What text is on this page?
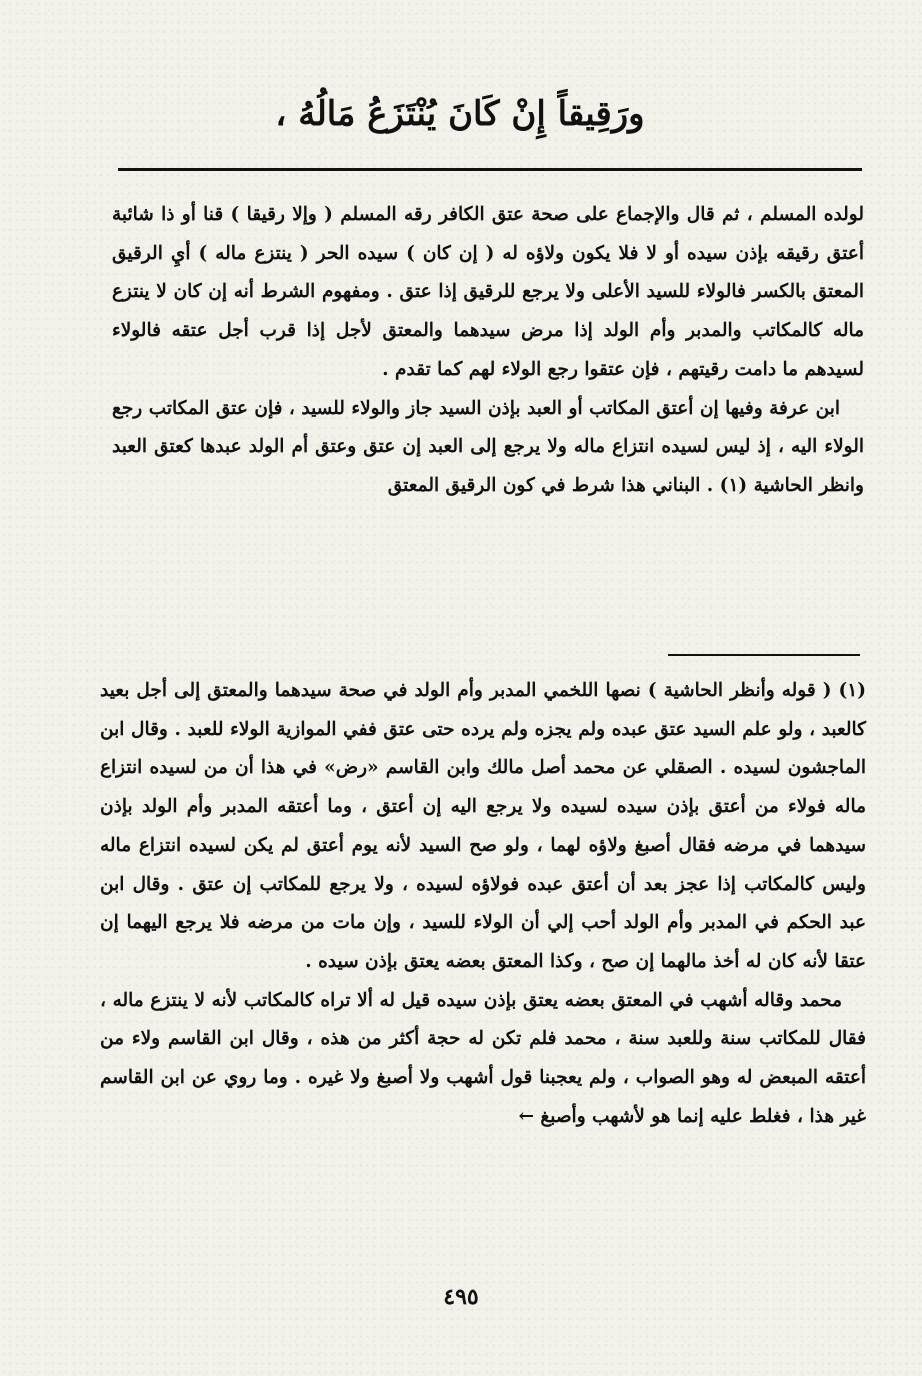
ورَقِيقاً إِنْ كَانَ يُنْتَزَعُ مَالُهُ ،

لولده المسلم ، ثم قال والإجماع على صحة عتق الكافر رقه المسلم ( وإلا رقيقا ) قنا أو ذا شائبة أعتق رقيقه بإذن سيده أو لا فلا يكون ولاؤه له ( إن كان ) سيده الحر ( ينتزع ماله ) أيِ الرقيق المعتق بالكسر فالولاء للسيد الأعلى ولا يرجع للرقيق إذا عتق . ومفهوم الشرط أنه إن كان لا ينتزع ماله كالمكاتب والمدبر وأم الولد إذا مرض سيدهما والمعتق لأجل إذا قرب أجل عتقه فالولاء لسيدهم ما دامت رقيتهم ، فإن عتقوا رجع الولاء لهم كما تقدم .

ابن عرفة وفيها إن أعتق المكاتب أو العبد بإذن السيد جاز والولاء للسيد ، فإن عتق المكاتب رجع الولاء اليه ، إذ ليس لسيده انتزاع ماله ولا يرجع إلى العبد إن عتق وعتق أم الولد عبدها كعتق العبد وانظر الحاشية (١) . البناني هذا شرط في كون الرقيق المعتق

(١) ( قوله وأنظر الحاشية ) نصها اللخمي المدبر وأم الولد في صحة سيدهما والمعتق إلى أجل بعيد كالعبد ، ولو علم السيد عتق عبده ولم يجزه ولم يرده حتى عتق ففي الموازية الولاء للعبد . وقال ابن الماجشون لسيده . الصقلي عن محمد أصل مالك وابن القاسم «رض» في هذا أن من لسيده انتزاع ماله فولاء من أعتق بإذن سيده لسيده ولا يرجع اليه إن أعتق ، وما أعتقه المدبر وأم الولد بإذن سيدهما في مرضه فقال أصبغ ولاؤه لهما ، ولو صح السيد لأنه يوم أعتق لم يكن لسيده انتزاع ماله وليس كالمكاتب إذا عجز بعد أن أعتق عبده فولاؤه لسيده ، ولا يرجع للمكاتب إن عتق . وقال ابن عبد الحكم في المدبر وأم الولد أحب إلي أن الولاء للسيد ، وإن مات من مرضه فلا يرجع اليهما إن عتقا لأنه كان له أخذ مالهما إن صح ، وكذا المعتق بعضه يعتق بإذن سيده .

محمد وقاله أشهب في المعتق بعضه يعتق بإذن سيده قيل له ألا تراه كالمكاتب لأنه لا ينتزع ماله ، فقال للمكاتب سنة وللعبد سنة ، محمد فلم تكن له حجة أكثر من هذه ، وقال ابن القاسم ولاء من أعتقه المبعض له وهو الصواب ، ولم يعجبنا قول أشهب ولا أصبغ ولا غيره . وما روي عن ابن القاسم غير هذا ، فغلط عليه إنما هو لأشهب وأصبغ ←

٤٩٥
